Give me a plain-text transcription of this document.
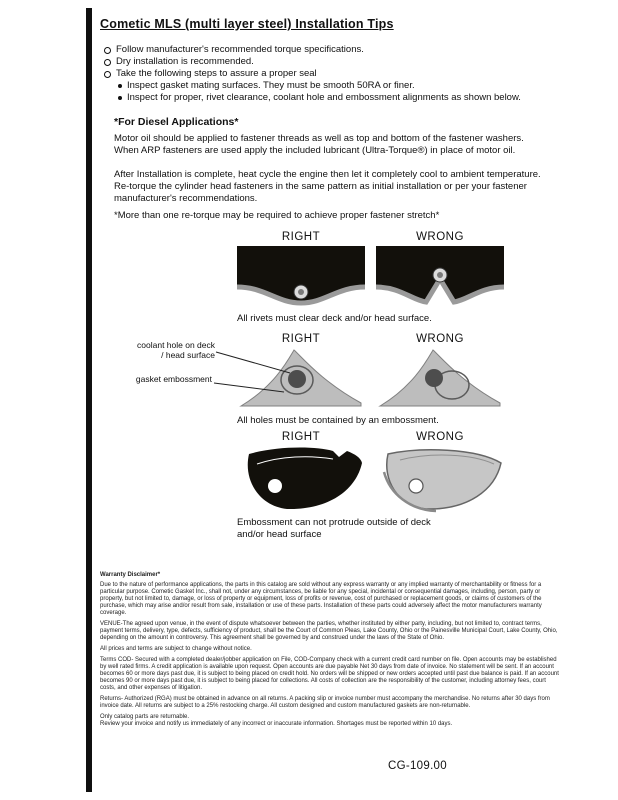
Cometic MLS (multi layer steel) Installation Tips
Follow manufacturer's recommended torque specifications.
Dry installation is recommended.
Take the following steps to assure a proper seal
Inspect gasket mating surfaces. They must be smooth 50RA or finer.
Inspect for proper, rivet clearance, coolant hole and embossment alignments as shown below.
*For Diesel Applications*
Motor oil should be applied to fastener threads as well as top and bottom of the fastener washers. When ARP fasteners are used apply the included lubricant (Ultra-Torque®) in place of motor oil.
After Installation is complete, heat cycle the engine then let it completely cool to ambient temperature. Re-torque the cylinder head fasteners in the same pattern as initial installation or per your fastener manufacturer's recommendations.
*More than one re-torque may be required to achieve proper fastener stretch*
RIGHT	WRONG
All rivets must clear deck and/or head surface.
RIGHT	WRONG
coolant hole on deck / head surface
gasket embossment
All holes must be contained by an embossment.
RIGHT	WRONG
Embossment can not protrude outside of deck and/or head surface

Warranty Disclaimer*

Due to the nature of performance applications, the parts in this catalog are sold without any express warranty or any implied warranty of merchantability or fitness for a particular purpose. Cometic Gasket Inc., shall not, under any circumstances, be liable for any special, incidental or consequential damages, including, person, party or property, but not limited to, damage, or loss of property or equipment, loss of profits or revenue, cost of purchased or replacement goods, or claims of customers of the purchase, which may arise and/or result from sale, installation or use of these parts. Installation of these parts could adversely affect the motor manufacturers warranty coverage.

VENUE-The agreed upon venue, in the event of dispute whatsoever between the parties, whether instituted by either party, including, but not limited to, contract terms, payment terms, delivery, type, defects, sufficiency of product, shall be the Court of Common Pleas, Lake County, Ohio or the Painesville Municipal Court, Lake County, Ohio, depending on the amount in controversy. This agreement shall be governed by and construed under the laws of the State of Ohio.

All prices and terms are subject to change without notice.

Terms COD- Secured with a completed dealer/jobber application on File, COD-Company check with a current credit card number on file. Open accounts may be established by well rated firms. A credit application is available upon request. Open accounts are due payable Net 30 days from date of invoice. No statement will be sent. If an account becomes 60 or more days past due, it is subject to being placed on credit hold. No orders will be shipped or new orders accepted until past due balance is paid. If an account becomes 90 or more days past due, it is subject to being placed for collections. All costs of collection are the responsibility of the customer, including attorney fees, court costs, and other expenses of litigation.

Returns- Authorized (RGA) must be obtained in advance on all returns. A packing slip or invoice number must accompany the merchandise. No returns after 30 days from invoice date. All returns are subject to a 25% restocking charge. All custom designed and custom manufactured gaskets are non-returnable.

Only catalog parts are returnable.

Review your invoice and notify us immediately of any incorrect or inaccurate information. Shortages must be reported within 10 days.

CG-109.00
